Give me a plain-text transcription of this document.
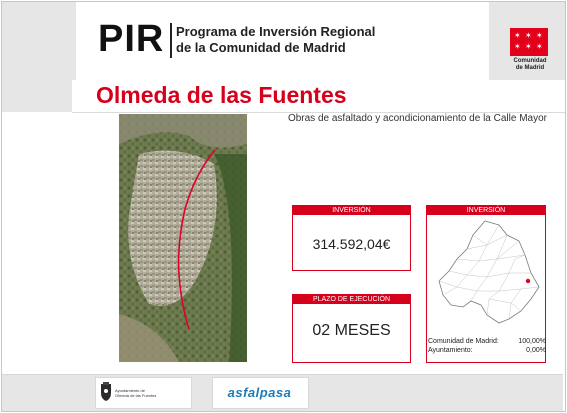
PIR Programa de Inversión Regional
de la Comunidad de Madrid
✶ ✶ ✶
✶ ✶ ✶
Comunidad
de Madrid
Olmeda de las Fuentes
Obras de asfaltado y acondicionamiento de la Calle Mayor
INVERSIÓN
314.592,04€
PLAZO DE EJECUCIÓN
02 MESES
INVERSIÓN
Comunidad de Madrid:	100,00%
Ayuntamiento:	0,00%
Ayuntamiento de
Olmeda de las Fuentes	asfalpasa
